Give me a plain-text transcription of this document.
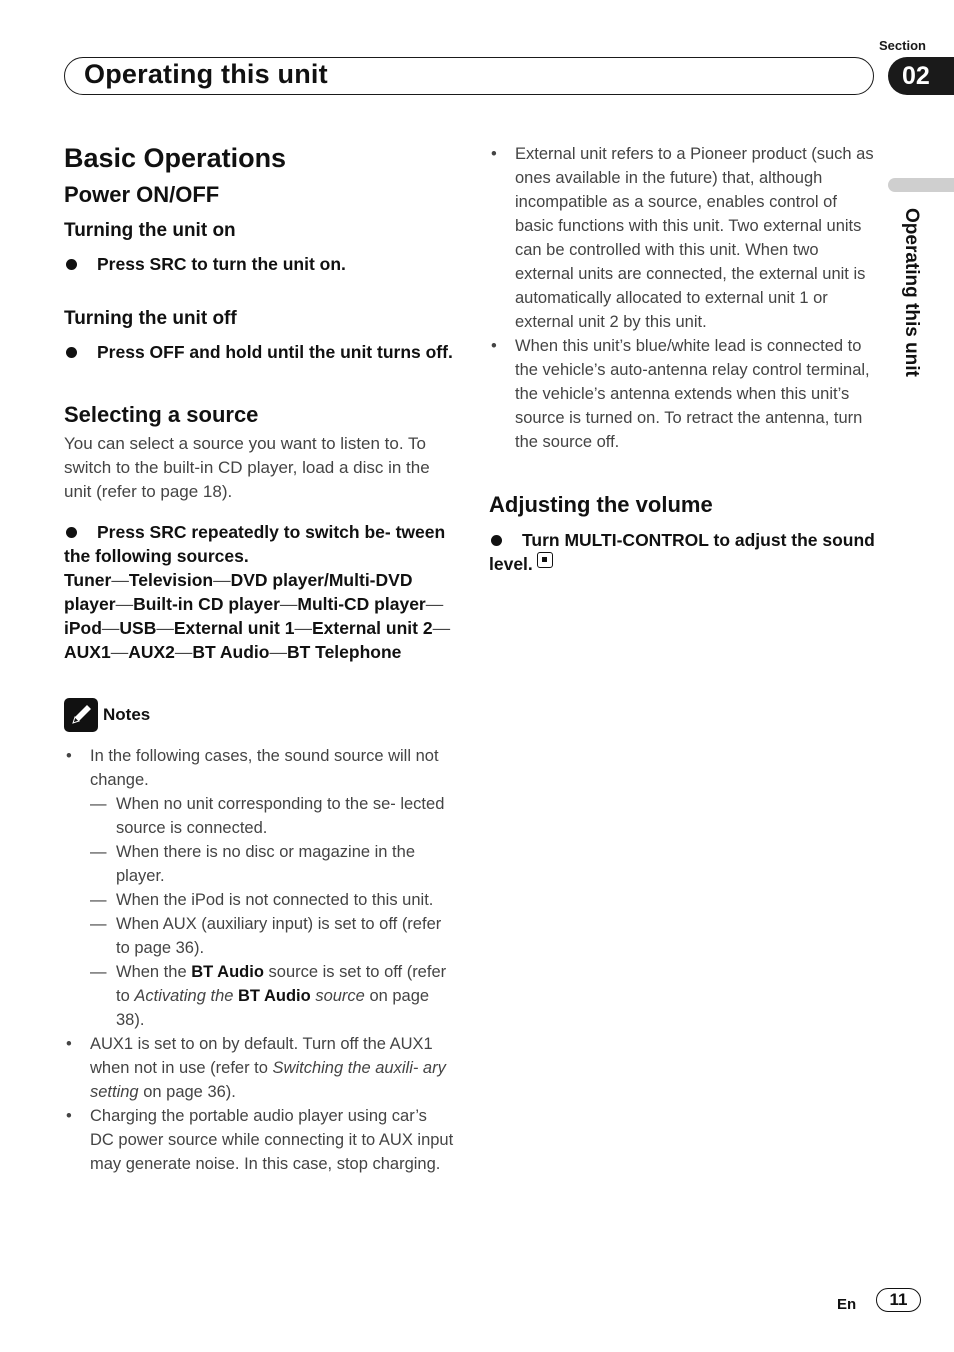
Section
Operating this unit	02
Operating this unit
Basic Operations
Power ON/OFF
Turning the unit on

Press SRC to turn the unit on.

Turning the unit off

Press OFF and hold until the unit turns off.

Selecting a source

You can select a source you want to listen to. To switch to the built-in CD player, load a disc in the unit (refer to page 18).

Press SRC repeatedly to switch be- tween the following sources.

Tuner—Television—DVD player/Multi-DVD player—Built-in CD player—Multi-CD player—iPod—USB—External unit 1—External unit 2—AUX1—AUX2—BT Audio—BT Telephone

Notes
• In the following cases, the sound source will not change.
— When no unit corresponding to the se- lected source is connected.
— When there is no disc or magazine in the player.
— When the iPod is not connected to this unit.
— When AUX (auxiliary input) is set to off (refer to page 36).
— When the BT Audio source is set to off (refer to Activating the BT Audio source on page 38).
• AUX1 is set to on by default. Turn off the AUX1 when not in use (refer to Switching the auxili- ary setting on page 36).
• Charging the portable audio player using car’s DC power source while connecting it to AUX input may generate noise. In this case, stop charging.
• External unit refers to a Pioneer product (such as ones available in the future) that, although incompatible as a source, enables control of basic functions with this unit. Two external units can be controlled with this unit. When two external units are connected, the external unit is automatically allocated to external unit 1 or external unit 2 by this unit.
• When this unit’s blue/white lead is connected to the vehicle’s auto-antenna relay control terminal, the vehicle’s antenna extends when this unit’s source is turned on. To retract the antenna, turn the source off.
Adjusting the volume

Turn MULTI-CONTROL to adjust the sound level.

En	11
